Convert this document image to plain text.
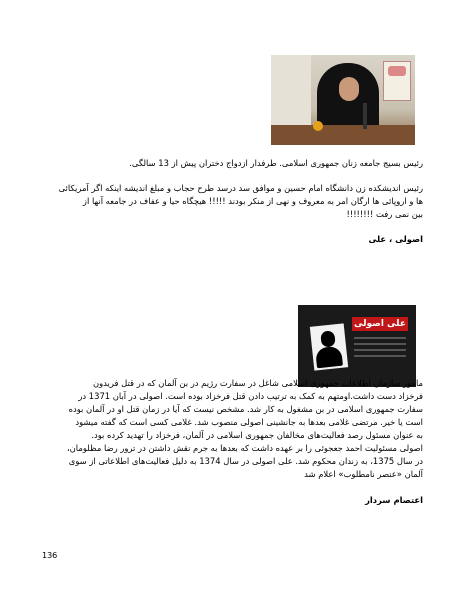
رئیس بسیج جامعه زنان جمهوری اسلامی. طرفدار ازدواج دختران پیش از 13 سالگی.

رئیس اندیشکده زن دانشگاه امام حسین و موافق سد درسد طرح حجاب و مبلغ اندیشه اینکه اگر آمریکائی

ها و اروپائی ها ارگان امر به معروف و نهی از منکر بودند !!!!! هیچگاه حیا و عفاف در جامعه آنها از

بین نمی رفت !!!!!!!!

اصولی ، علی

علی اصولی

مامور سازمان اطلاعات جمهوری اسلامی شاغل در سفارت رژیم در بن آلمان که در قتل فریدون

فرخزاد دست داشت.اومتهم به کمک به ترتیب دادن قتل فرخزاد بوده است. اصولی در آبان 1371 در

سفارت جمهوری اسلامی در بن مشغول به کار شد. مشخص نیست که آیا در زمان قتل او در آلمان بوده

است یا خیر. مرتضی غلامی بعدها به جانشینی اصولی منصوب شد. غلامی کسی است که گفته میشود

به عنوان مسئول رصد فعالیت‌های مخالفان جمهوری اسلامی در آلمان، فرخزاد را تهدید کرده بود.

اصولی مسئولیت احمد جعجوئی را بر عهده داشت که بعدها به جرم نقش داشتن در ترور رضا مظلومان،

در سال 1375، به زندان محکوم شد. علی اصولی در سال 1374 به دلیل فعالیت‌های اطلاعاتی از سوی

آلمان «عنصر نامطلوب» اعلام شد

اعتصام سردار

136
